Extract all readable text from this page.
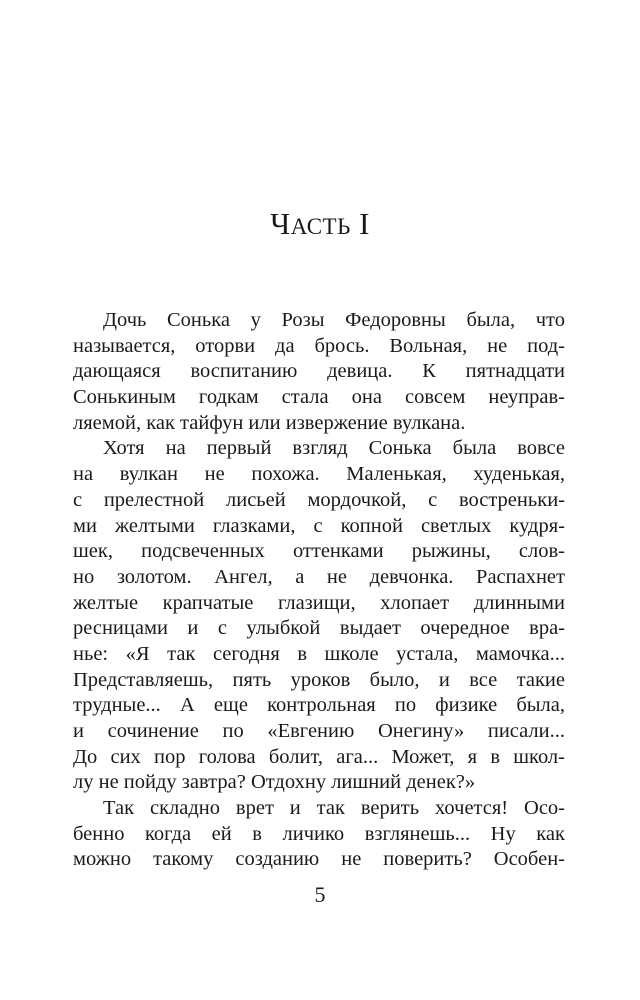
ЧАСТЬ I
Дочь Сонька у Розы Федоровны была, что
называется, оторви да брось. Вольная, не под-
дающаяся воспитанию девица. К пятнадцати
Сонькиным годкам стала она совсем неуправ-
ляемой, как тайфун или извержение вулкана.
Хотя на первый взгляд Сонька была вовсе
на вулкан не похожа. Маленькая, худенькая,
с прелестной лисьей мордочкой, с востреньки-
ми желтыми глазками, с копной светлых кудря-
шек, подсвеченных оттенками рыжины, слов-
но золотом. Ангел, а не девчонка. Распахнет
желтые крапчатые глазищи, хлопает длинными
ресницами и с улыбкой выдает очередное вра-
нье: «Я так сегодня в школе устала, мамочка...
Представляешь, пять уроков было, и все такие
трудные... А еще контрольная по физике была,
и сочинение по «Евгению Онегину» писали...
До сих пор голова болит, ага... Может, я в школ-
лу не пойду завтра? Отдохну лишний денек?»
Так складно врет и так верить хочется! Осо-
бенно когда ей в личико взглянешь... Ну как
можно такому созданию не поверить? Особен-
5
